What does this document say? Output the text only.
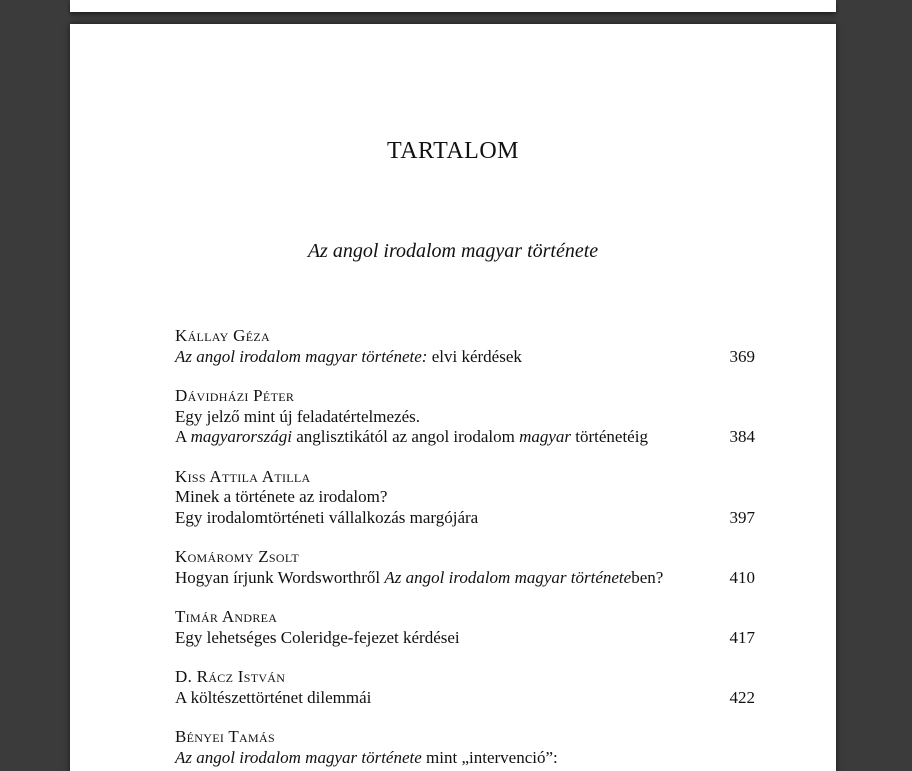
TARTALOM
Az angol irodalom magyar története
Kállay Géza
Az angol irodalom magyar története: elvi kérdések	369
Dávidházi Péter
Egy jelző mint új feladatértelmezés.
A magyarországi anglisztikától az angol irodalom magyar történetéig	384
Kiss Attila Atilla
Minek a története az irodalom?
Egy irodalomtörténeti vállalkozás margójára	397
Komáromy Zsolt
Hogyan írjunk Wordsworthről Az angol irodalom magyar történeteben?	410
Timár Andrea
Egy lehetséges Coleridge-fejezet kérdései	417
D. Rácz István
A költészettörténet dilemmái	422
Bényei Tamás
Az angol irodalom magyar története mint „intervenció”:
